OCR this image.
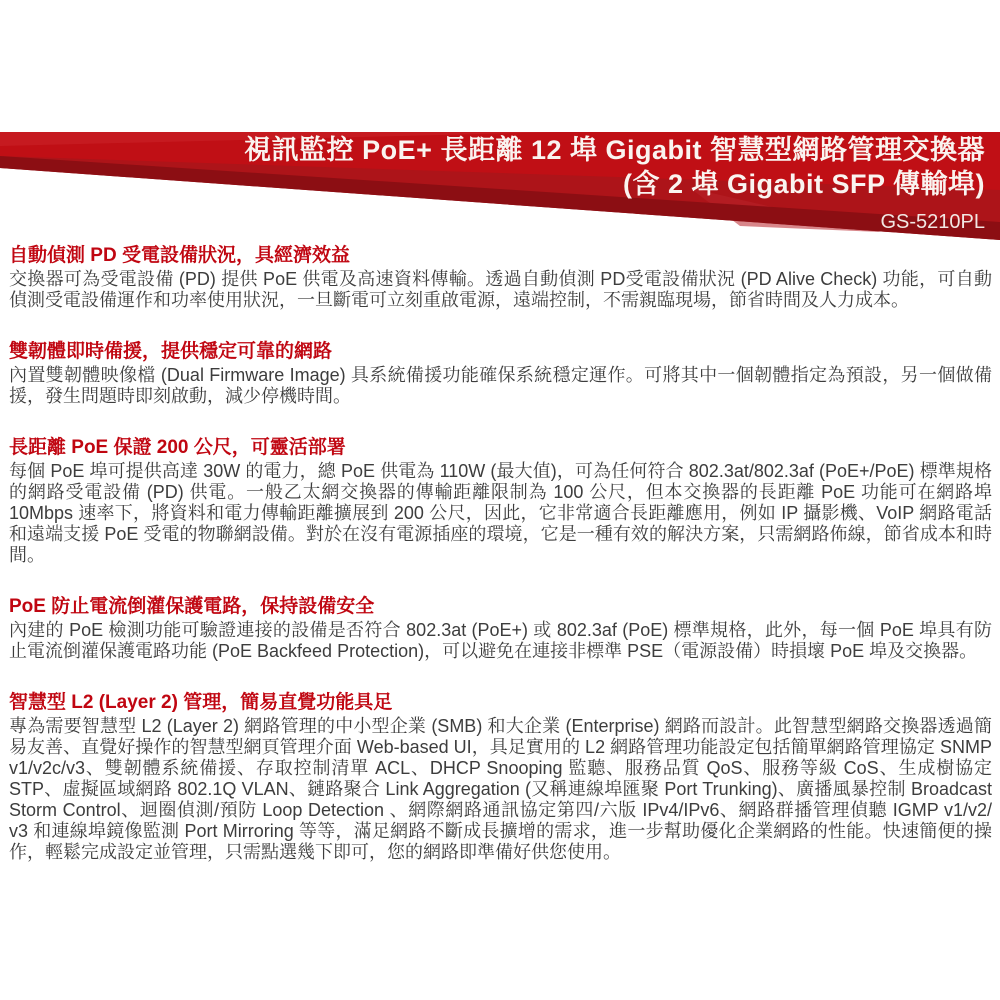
視訊監控 PoE+ 長距離 12 埠 Gigabit 智慧型網路管理交換器
(含 2 埠 Gigabit SFP 傳輸埠)
GS-5210PL
自動偵測 PD 受電設備狀況，具經濟效益

交換器可為受電設備 (PD) 提供 PoE 供電及高速資料傳輸。透過自動偵測 PD受電設備狀況 (PD Alive Check) 功能，可自動偵測受電設備運作和功率使用狀況，一旦斷電可立刻重啟電源，遠端控制，不需親臨現場，節省時間及人力成本。

雙韌體即時備援，提供穩定可靠的網路

內置雙韌體映像檔 (Dual Firmware Image) 具系統備援功能確保系統穩定運作。可將其中一個韌體指定為預設，另一個做備援，發生問題時即刻啟動，減少停機時間。

長距離 PoE 保證 200 公尺，可靈活部署

每個 PoE 埠可提供高達 30W 的電力，總 PoE 供電為 110W (最大值)，可為任何符合 802.3at/802.3af (PoE+/PoE) 標準規格的網路受電設備 (PD) 供電。一般乙太網交換器的傳輸距離限制為 100 公尺，但本交換器的長距離 PoE 功能可在網路埠 10Mbps 速率下，將資料和電力傳輸距離擴展到 200 公尺，因此，它非常適合長距離應用，例如 IP 攝影機、VoIP 網路電話和遠端支援 PoE 受電的物聯網設備。對於在沒有電源插座的環境，它是一種有效的解決方案，只需網路佈線，節省成本和時間。

PoE 防止電流倒灌保護電路，保持設備安全

內建的 PoE 檢測功能可驗證連接的設備是否符合 802.3at (PoE+) 或 802.3af (PoE) 標準規格，此外，每一個 PoE 埠具有防止電流倒灌保護電路功能 (PoE Backfeed Protection)，可以避免在連接非標準 PSE（電源設備）時損壞 PoE 埠及交換器。

智慧型 L2 (Layer 2) 管理，簡易直覺功能具足

專為需要智慧型 L2 (Layer 2) 網路管理的中小型企業 (SMB) 和大企業 (Enterprise) 網路而設計。此智慧型網路交換器透過簡易友善、直覺好操作的智慧型網頁管理介面 Web-based UI，具足實用的 L2 網路管理功能設定包括簡單網路管理協定 SNMP v1/v2c/v3、雙韌體系統備援、存取控制清單 ACL、DHCP Snooping 監聽、服務品質 QoS、服務等級 CoS、生成樹協定 STP、虛擬區域網路 802.1Q VLAN、鏈路聚合 Link Aggregation (又稱連線埠匯聚 Port Trunking)、廣播風暴控制 Broadcast Storm Control、迴圈偵測/預防 Loop Detection 、網際網路通訊協定第四/六版 IPv4/IPv6、網路群播管理偵聽 IGMP v1/v2/ v3 和連線埠鏡像監測 Port Mirroring 等等，滿足網路不斷成長擴增的需求，進一步幫助優化企業網路的性能。快速簡便的操作，輕鬆完成設定並管理，只需點選幾下即可，您的網路即準備好供您使用。
